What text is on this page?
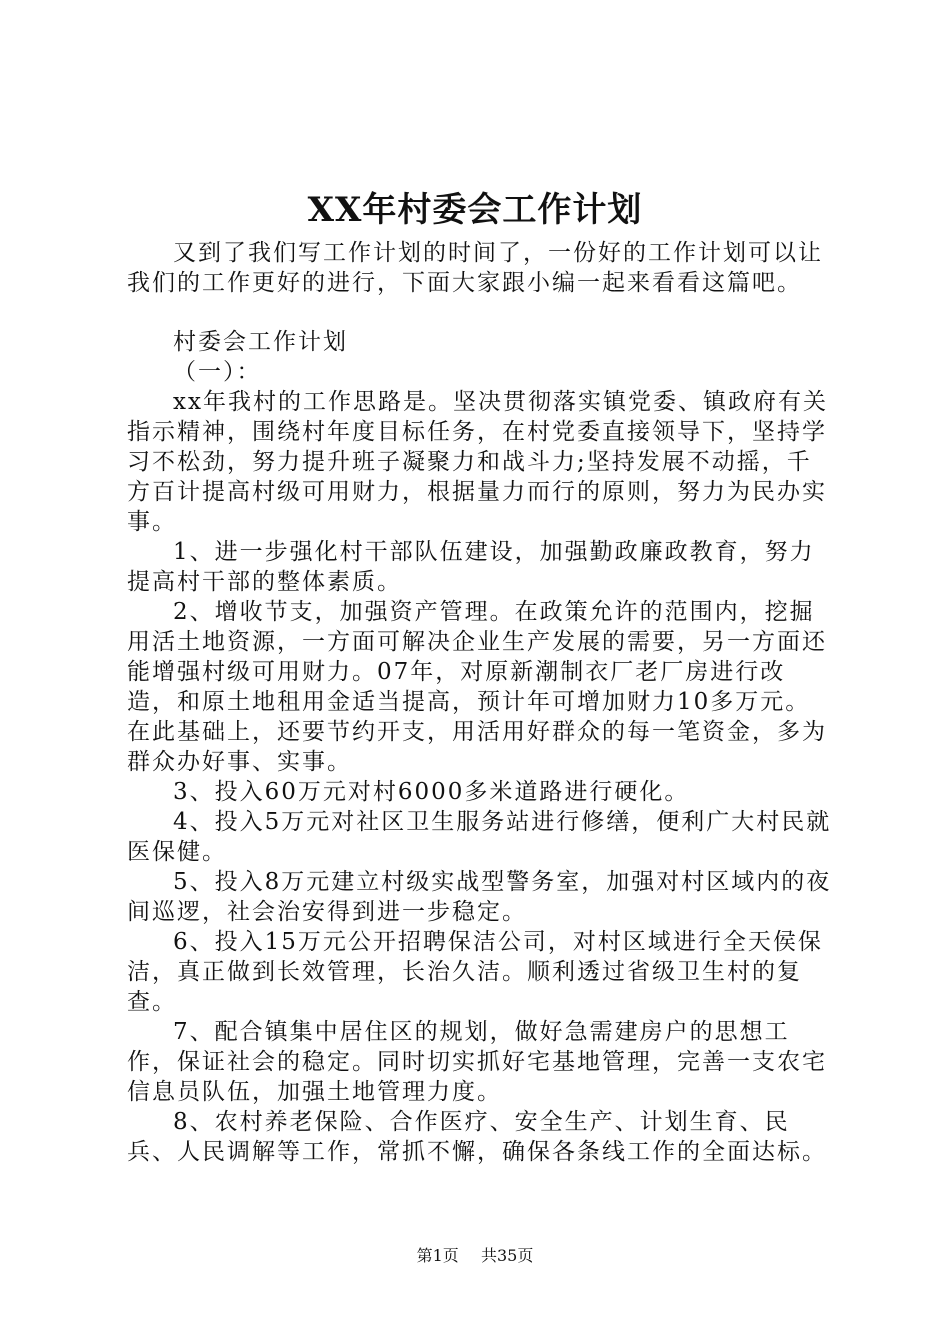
XX年村委会工作计划

又到了我们写工作计划的时间了，一份好的工作计划可以让我们的工作更好的进行，下面大家跟小编一起来看看这篇吧。

村委会工作计划

（一）：

xx年我村的工作思路是。坚决贯彻落实镇党委、镇政府有关指示精神，围绕村年度目标任务，在村党委直接领导下，坚持学习不松劲，努力提升班子凝聚力和战斗力;坚持发展不动摇，千方百计提高村级可用财力，根据量力而行的原则，努力为民办实事。

1、进一步强化村干部队伍建设，加强勤政廉政教育，努力提高村干部的整体素质。

2、增收节支，加强资产管理。在政策允许的范围内，挖掘用活土地资源，一方面可解决企业生产发展的需要，另一方面还能增强村级可用财力。07年，对原新潮制衣厂老厂房进行改造，和原土地租用金适当提高，预计年可增加财力10多万元。在此基础上，还要节约开支，用活用好群众的每一笔资金，多为群众办好事、实事。

3、投入60万元对村6000多米道路进行硬化。

4、投入5万元对社区卫生服务站进行修缮，便利广大村民就医保健。

5、投入8万元建立村级实战型警务室，加强对村区域内的夜间巡逻，社会治安得到进一步稳定。

6、投入15万元公开招聘保洁公司，对村区域进行全天侯保洁，真正做到长效管理，长治久洁。顺利透过省级卫生村的复查。

7、配合镇集中居住区的规划，做好急需建房户的思想工作，保证社会的稳定。同时切实抓好宅基地管理，完善一支农宅信息员队伍，加强土地管理力度。

8、农村养老保险、合作医疗、安全生产、计划生育、民兵、人民调解等工作，常抓不懈，确保各条线工作的全面达标。

第1页 共35页
